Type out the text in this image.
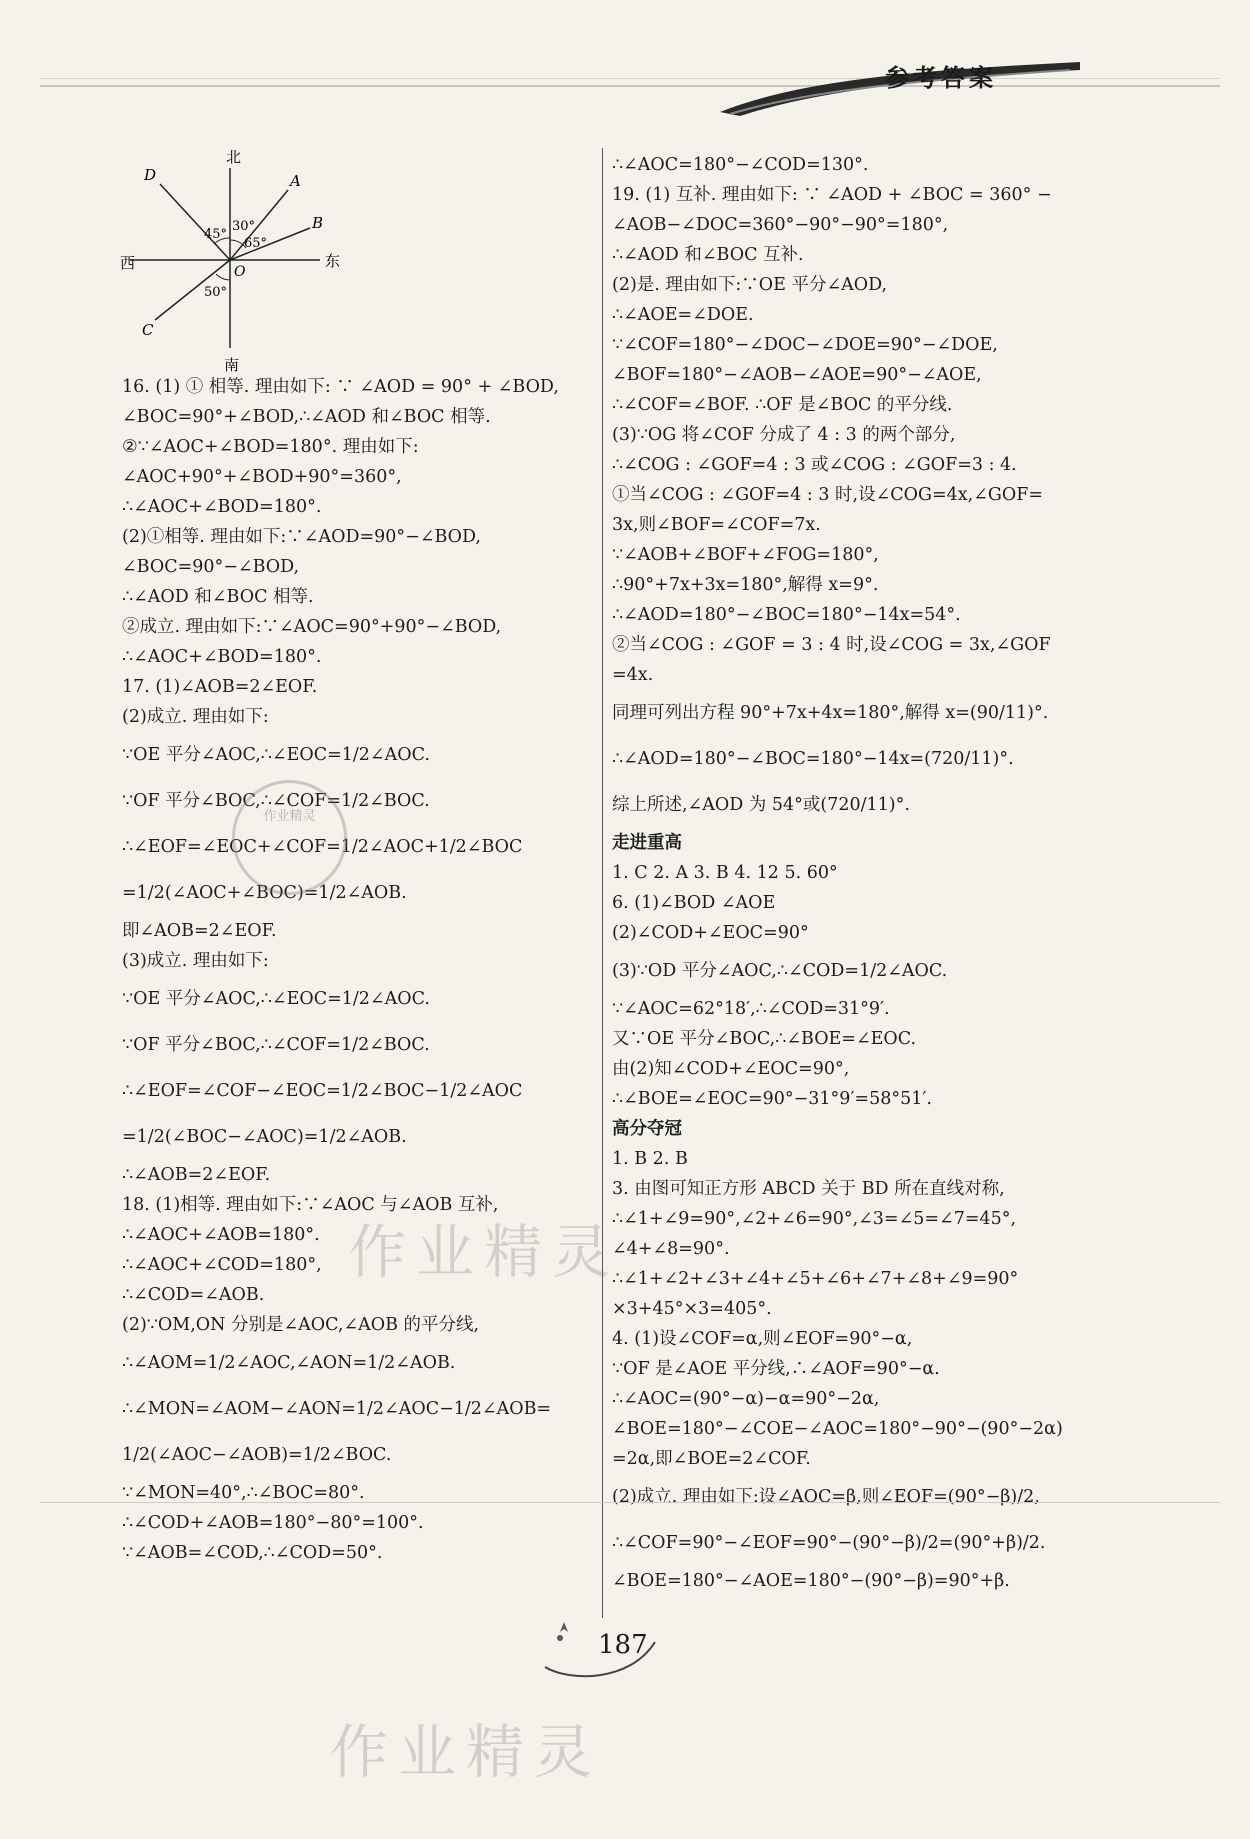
参考答案
北
南
东
西
A
B
C
D
O
45°
30°
65°
50°
16. (1) ① 相等. 理由如下: ∵ ∠AOD = 90° + ∠BOD,
∠BOC=90°+∠BOD,∴∠AOD 和∠BOC 相等.
②∵∠AOC+∠BOD=180°. 理由如下:
∠AOC+90°+∠BOD+90°=360°,
∴∠AOC+∠BOD=180°.
(2)①相等. 理由如下:∵∠AOD=90°−∠BOD,
∠BOC=90°−∠BOD,
∴∠AOD 和∠BOC 相等.
②成立. 理由如下:∵∠AOC=90°+90°−∠BOD,
∴∠AOC+∠BOD=180°.
17. (1)∠AOB=2∠EOF.
(2)成立. 理由如下:
∵OE 平分∠AOC,∴∠EOC=1/2∠AOC.
∵OF 平分∠BOC,∴∠COF=1/2∠BOC.
∴∠EOF=∠EOC+∠COF=1/2∠AOC+1/2∠BOC
=1/2(∠AOC+∠BOC)=1/2∠AOB.
即∠AOB=2∠EOF.
(3)成立. 理由如下:
∵OE 平分∠AOC,∴∠EOC=1/2∠AOC.
∵OF 平分∠BOC,∴∠COF=1/2∠BOC.
∴∠EOF=∠COF−∠EOC=1/2∠BOC−1/2∠AOC
=1/2(∠BOC−∠AOC)=1/2∠AOB.
∴∠AOB=2∠EOF.
18. (1)相等. 理由如下:∵∠AOC 与∠AOB 互补,
∴∠AOC+∠AOB=180°.
∴∠AOC+∠COD=180°,
∴∠COD=∠AOB.
(2)∵OM,ON 分别是∠AOC,∠AOB 的平分线,
∴∠AOM=1/2∠AOC,∠AON=1/2∠AOB.
∴∠MON=∠AOM−∠AON=1/2∠AOC−1/2∠AOB=
1/2(∠AOC−∠AOB)=1/2∠BOC.
∵∠MON=40°,∴∠BOC=80°.
∴∠COD+∠AOB=180°−80°=100°.
∵∠AOB=∠COD,∴∠COD=50°.
∴∠AOC=180°−∠COD=130°.
19. (1) 互补. 理由如下: ∵ ∠AOD + ∠BOC = 360° −
∠AOB−∠DOC=360°−90°−90°=180°,
∴∠AOD 和∠BOC 互补.
(2)是. 理由如下:∵OE 平分∠AOD,
∴∠AOE=∠DOE.
∵∠COF=180°−∠DOC−∠DOE=90°−∠DOE,
∠BOF=180°−∠AOB−∠AOE=90°−∠AOE,
∴∠COF=∠BOF. ∴OF 是∠BOC 的平分线.
(3)∵OG 将∠COF 分成了 4 : 3 的两个部分,
∴∠COG : ∠GOF=4 : 3 或∠COG : ∠GOF=3 : 4.
①当∠COG : ∠GOF=4 : 3 时,设∠COG=4x,∠GOF=
3x,则∠BOF=∠COF=7x.
∵∠AOB+∠BOF+∠FOG=180°,
∴90°+7x+3x=180°,解得 x=9°.
∴∠AOD=180°−∠BOC=180°−14x=54°.
②当∠COG : ∠GOF = 3 : 4 时,设∠COG = 3x,∠GOF
=4x.
同理可列出方程 90°+7x+4x=180°,解得 x=(90/11)°.
∴∠AOD=180°−∠BOC=180°−14x=(720/11)°.
综上所述,∠AOD 为 54°或(720/11)°.
走进重高
1. C 2. A 3. B 4. 12 5. 60°
6. (1)∠BOD ∠AOE
(2)∠COD+∠EOC=90°
(3)∵OD 平分∠AOC,∴∠COD=1/2∠AOC.
∵∠AOC=62°18′,∴∠COD=31°9′.
又∵OE 平分∠BOC,∴∠BOE=∠EOC.
由(2)知∠COD+∠EOC=90°,
∴∠BOE=∠EOC=90°−31°9′=58°51′.
高分夺冠
1. B 2. B
3. 由图可知正方形 ABCD 关于 BD 所在直线对称,
∴∠1+∠9=90°,∠2+∠6=90°,∠3=∠5=∠7=45°,
∠4+∠8=90°.
∴∠1+∠2+∠3+∠4+∠5+∠6+∠7+∠8+∠9=90°
×3+45°×3=405°.
4. (1)设∠COF=α,则∠EOF=90°−α,
∵OF 是∠AOE 平分线,∴∠AOF=90°−α.
∴∠AOC=(90°−α)−α=90°−2α,
∠BOE=180°−∠COE−∠AOC=180°−90°−(90°−2α)
=2α,即∠BOE=2∠COF.
(2)成立. 理由如下:设∠AOC=β,则∠EOF=(90°−β)/2,
∴∠COF=90°−∠EOF=90°−(90°−β)/2=(90°+β)/2.
∠BOE=180°−∠AOE=180°−(90°−β)=90°+β.
作业精灵
作业精灵
作业精灵
187
